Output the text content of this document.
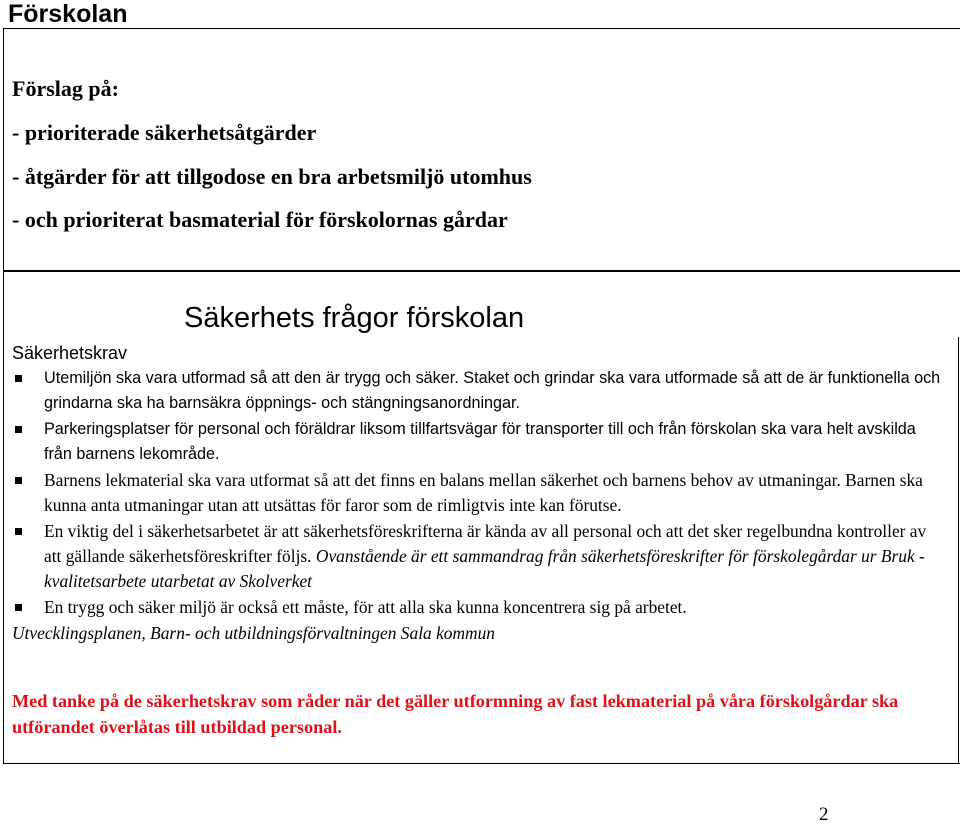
Förskolan
Förslag på:
- prioriterade säkerhetsåtgärder
- åtgärder för att tillgodose en bra arbetsmiljö utomhus
- och prioriterat basmaterial för förskolornas gårdar
Säkerhets frågor förskolan
Säkerhetskrav
Utemiljön ska vara utformad så att den är trygg och säker. Staket och grindar ska vara utformade så att de är funktionella och grindarna ska ha barnsäkra öppnings- och stängningsanordningar.
Parkeringsplatser för personal och föräldrar liksom tillfartsvägar för transporter till och från förskolan ska vara helt avskilda från barnens lekområde.
Barnens lekmaterial ska vara utformat så att det finns en balans mellan säkerhet och barnens behov av utmaningar. Barnen ska kunna anta utmaningar utan att utsättas för faror som de rimligtvis inte kan förutse.
En viktig del i säkerhetsarbetet är att säkerhetsföreskrifterna är kända av all personal och att det sker regelbundna kontroller av att gällande säkerhetsföreskrifter följs. Ovanstående är ett sammandrag från säkerhetsföreskrifter för förskolegårdar ur Bruk - kvalitetsarbete utarbetat av Skolverket
En trygg och säker miljö är också ett måste, för att alla ska kunna koncentrera sig på arbetet.
Utvecklingsplanen, Barn- och utbildningsförvaltningen Sala kommun
Med tanke på de säkerhetskrav som råder när det gäller utformning av fast lekmaterial på våra förskolgårdar ska utförandet överlåtas till utbildad personal.
2
